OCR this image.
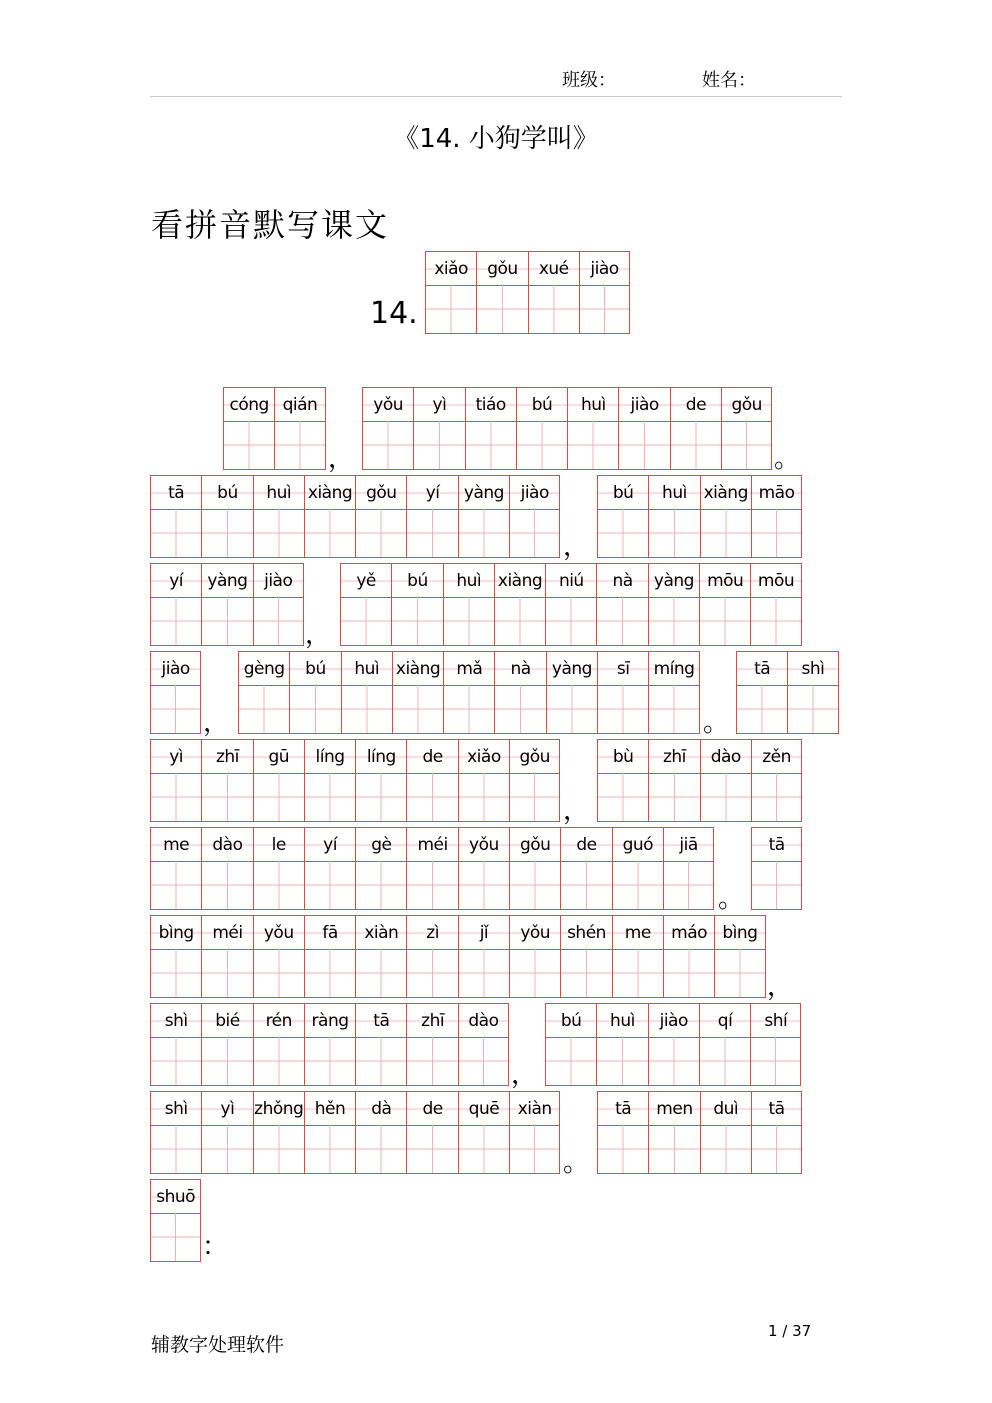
班级：	姓名：
《14. 小狗学叫》
看拼音默写课文
14.
xiǎo	gǒu	xué	jiào
cóng qián
，
yǒu	yì	tiáo	bú	huì	jiào	de	gǒu
。
tā	bú	huì xiàng gǒu	yí	yàng jiào
，
bú	huì xiàng māo
yí	yàng jiào
，
yě	bú	huì xiàng niú	nà	yàng mōu mōu
jiào
，
gèng	bú	huì xiàng mǎ	nà	yàng	sī	míng
。
tā	shì
yì	zhī	gū	líng	líng	de	xiǎo	gǒu
，
bù	zhī	dào	zěn
me	dào	le	yí	gè	méi	yǒu	gǒu	de	guó	jiā
。
tā
bìng	méi	yǒu	fā	xiàn	zì	jǐ	yǒu shén	me	máo bìng
，
shì	bié	rén	ràng	tā	zhī	dào
，
bú	huì	jiào	qí	shí
shì	yì	zhǒng hěn	dà	de	quē	xiàn
。
tā	men	duì	tā
shuō
：
辅教字处理软件
1 / 37
